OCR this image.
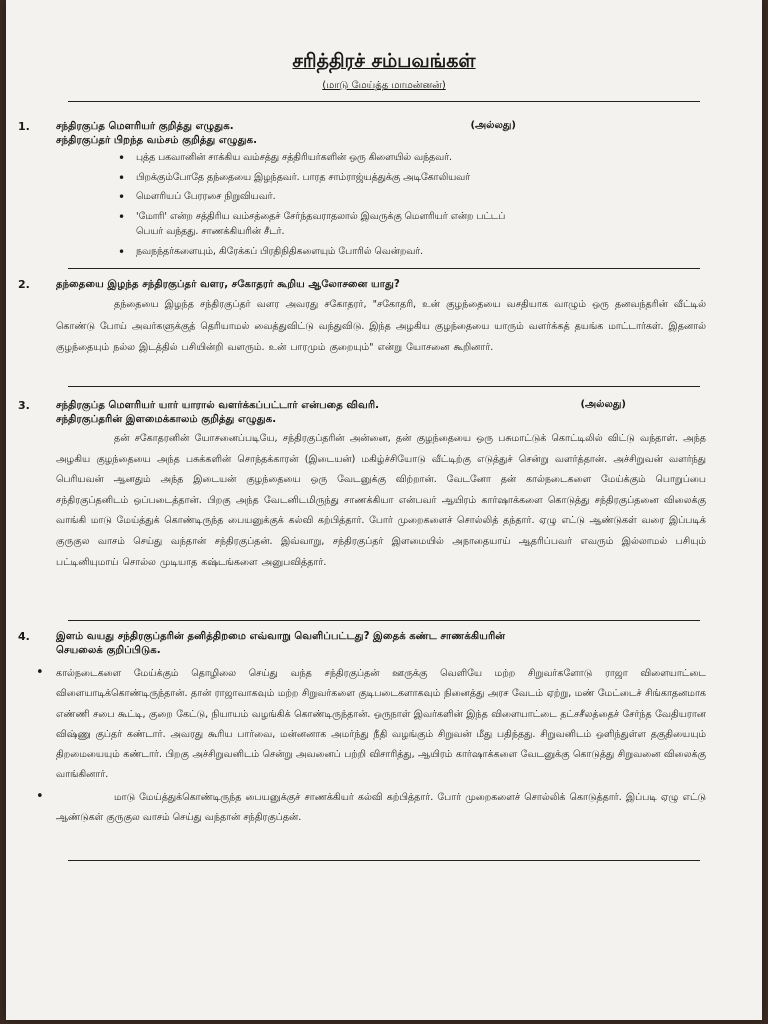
சரித்திரச் சம்பவங்கள்
(மாடு மேய்த்த மாமன்னன்)
1.	சந்திரகுப்த மௌரியர் குறித்து எழுதுக.	(அல்லது)
சந்திரகுப்தர் பிறந்த வம்சம் குறித்து எழுதுக.
• புத்த பகவானின் சாக்கிய வம்சத்து சத்திரியர்களின் ஒரு கிளையில் வந்தவர்.
• பிறக்கும்போதே தந்தையை இழந்தவர். பாரத சாம்ராஜ்யத்துக்கு அடிகோலியவர்
• மௌரியப் பேரரசை நிறுவியவர்.
• 'மோரி' என்ற சத்திரிய வம்சத்தைச் சேர்ந்தவராதலால் இவருக்கு மௌரியர் என்ற பட்டப்
பெயர் வந்தது. சாணக்கியரின் சீடர்.
• நவநந்தர்களையும், கிரேக்கப் பிரதிநிதிகளையும் போரில் வென்றவர்.
2.	தந்தையை இழந்த சந்திரகுப்தர் வளர, சகோதரர் கூறிய ஆலோசனை யாது?
தந்தையை இழந்த சந்திரகுப்தர் வளர அவரது சகோதரர், "சகோதரி, உன் குழந்தையை வசதியாக வாழும் ஒரு தனவந்தரின் வீட்டில் கொண்டு போய் அவர்களுக்குத் தெரியாமல் வைத்துவிட்டு வந்துவிடு. இந்த அழகிய குழந்தையை யாரும் வளர்க்கத் தயங்க மாட்டார்கள். இதனால் குழந்தையும் நல்ல இடத்தில் பசியின்றி வளரும். உன் பாரமும் குறையும்" என்று யோசனை கூறினார்.
3.	சந்திரகுப்த மௌரியர் யார் யாரால் வளர்க்கப்பட்டார் என்பதை விவரி.	(அல்லது)
சந்திரகுப்தரின் இளமைக்காலம் குறித்து எழுதுக.
தன் சகோதரனின் யோசனைப்படியே, சந்திரகுப்தரின் அன்னை, தன் குழந்தையை ஒரு பசுமாட்டுக் கொட்டிலில் விட்டு வந்தாள். அந்த அழகிய குழந்தையை அந்த பசுக்களின் சொந்தக்காரன் (இடையன்) மகிழ்ச்சியோடு வீட்டிற்கு எடுத்துச் சென்று வளர்த்தான். அச்சிறுவன் வளர்ந்து பெரியவன் ஆனதும் அந்த இடையன் குழந்தையை ஒரு வேடனுக்கு விற்றான். வேடனோ தன் கால்நடைகளை மேய்க்கும் பொறுப்பை சந்திரகுப்தனிடம் ஒப்படைத்தான். பிறகு அந்த வேடனிடமிருந்து சாணக்கியா என்பவர் ஆயிரம் கார்ஷாக்களை கொடுத்து சந்திரகுப்தனை விலைக்கு வாங்கி மாடு மேய்த்துக் கொண்டிருந்த பையனுக்குக் கல்வி கற்பித்தார். போர் முறைகளைச் சொல்லித் தந்தார். ஏழு எட்டு ஆண்டுகள் வரை இப்படிக் குருகுல வாசம் செய்து வந்தான் சந்திரகுப்தன். இவ்வாறு, சந்திரகுப்தர் இளமையில் அநாதையாய் ஆதரிப்பவர் எவரும் இல்லாமல் பசியும் பட்டினியுமாய் சொல்ல முடியாத கஷ்டங்களை அனுபவித்தார்.
4.	இளம் வயது சந்திரகுப்தரின் தனித்திறமை எவ்வாறு வெளிப்பட்டது? இதைக் கண்ட சாணக்கியரின்
செயலைக் குறிப்பிடுக.
• கால்நடைகளை மேய்க்கும் தொழிலை செய்து வந்த சந்திரகுப்தன் ஊருக்கு வெளியே மற்ற சிறுவர்களோடு ராஜா விளையாட்டை விளையாடிக்கொண்டிருந்தான். தான் ராஜாவாகவும் மற்ற சிறுவர்களை குடிபடைகளாகவும் நினைத்து அரச வேடம் ஏற்று, மண் மேட்டைச் சிங்காதனமாக எண்ணி சபை கூட்டி, குறை கேட்டு, நியாயம் வழங்கிக் கொண்டிருந்தான். ஒருநாள் இவர்களின் இந்த விளையாட்டை தட்சசீலத்தைச் சேர்ந்த வேதியரான விஷ்ணு குப்தர் கண்டார். அவரது கூரிய பார்வை, மன்னனாக அமர்ந்து நீதி வழங்கும் சிறுவன் மீது பதிந்தது. சிறுவனிடம் ஒளிந்துள்ள தகுதியையும் திறமையையும் கண்டார். பிறகு அச்சிறுவனிடம் சென்று அவனைப் பற்றி விசாரித்து, ஆயிரம் கார்ஷாக்களை வேடனுக்கு கொடுத்து சிறுவனை விலைக்கு வாங்கினார்.
•	மாடு மேய்த்துக்கொண்டிருந்த பையனுக்குச் சாணக்கியர் கல்வி கற்பித்தார். போர் முறைகளைச் சொல்லிக் கொடுத்தார். இப்படி ஏழு எட்டு ஆண்டுகள் குருகுல வாசம் செய்து வந்தான் சந்திரகுப்தன்.
